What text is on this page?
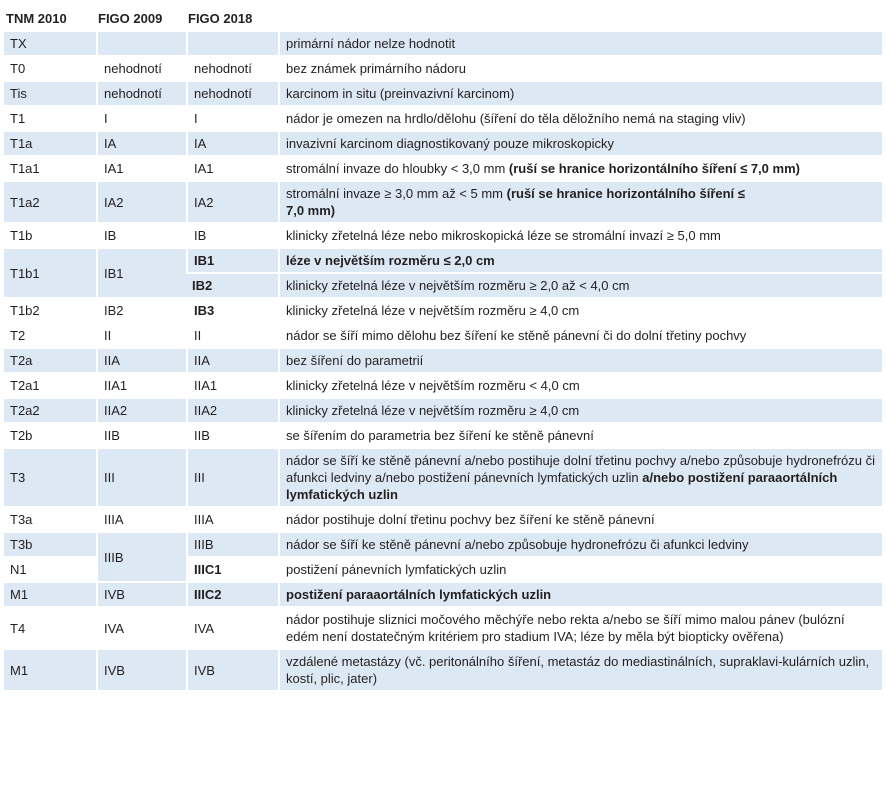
TNM 2010	FIGO 2009	FIGO 2018	
TX			primární nádor nelze hodnotit
T0	nehodnotí	nehodnotí	bez známek primárního nádoru
Tis	nehodnotí	nehodnotí	karcinom in situ (preinvazivní karcinom)
T1	I	I	nádor je omezen na hrdlo/dělohu (šíření do těla děložního nemá na staging vliv)
T1a	IA	IA	invazivní karcinom diagnostikovaný pouze mikroskopicky
T1a1	IA1	IA1	stromální invaze do hloubky < 3,0 mm (ruší se hranice horizontálního šíření ≤ 7,0 mm)
T1a2	IA2	IA2	stromální invaze ≥ 3,0 mm až < 5 mm (ruší se hranice horizontálního šíření ≤ 7,0 mm)
T1b	IB	IB	klinicky zřetelná léze nebo mikroskopická léze se stromální invazí ≥ 5,0 mm
T1b1	IB1	IB1	léze v největším rozměru ≤ 2,0 cm
		IB2	klinicky zřetelná léze v největším rozměru ≥ 2,0 až < 4,0 cm
T1b2	IB2	IB3	klinicky zřetelná léze v největším rozměru ≥ 4,0 cm
T2	II	II	nádor se šíří mimo dělohu bez šíření ke stěně pánevní či do dolní třetiny pochvy
T2a	IIA	IIA	bez šíření do parametrií
T2a1	IIA1	IIA1	klinicky zřetelná léze v největším rozměru < 4,0 cm
T2a2	IIA2	IIA2	klinicky zřetelná léze v největším rozměru ≥ 4,0 cm
T2b	IIB	IIB	se šířením do parametria bez šíření ke stěně pánevní
T3	III	III	nádor se šíří ke stěně pánevní a/nebo postihuje dolní třetinu pochvy a/nebo způsobuje hydronefrózu či afunkci ledviny a/nebo postižení pánevních lymfatických uzlin a/nebo postižení paraaortálních lymfatických uzlin
T3a	IIIA	IIIA	nádor postihuje dolní třetinu pochvy bez šíření ke stěně pánevní
T3b	IIIB	IIIB	nádor se šíří ke stěně pánevní a/nebo způsobuje hydronefrózu či afunkci ledviny
N1		IIIC1	postižení pánevních lymfatických uzlin
M1	IVB	IIIC2	postižení paraaortálních lymfatických uzlin
T4	IVA	IVA	nádor postihuje sliznici močového měchýře nebo rekta a/nebo se šíří mimo malou pánev (bulózní edém není dostatečným kritériem pro stadium IVA; léze by měla být biopticky ověřena)
M1	IVB	IVB	vzdálené metastázy (vč. peritonálního šíření, metastáz do mediastinálních, supraklavi-kulárních uzlin, kostí, plic, jater)
